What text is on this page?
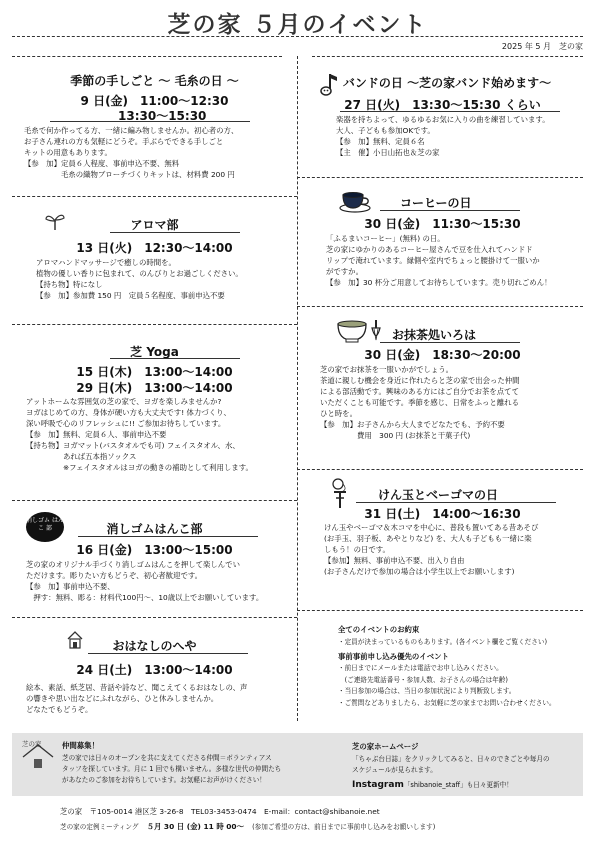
芝の家 ５月のイベント
2025 年 5 月　芝の家
季節の手しごと ～ 毛糸の日 ～
9 日(金)　11:00～12:30
13:30～15:30

毛糸で何か作ってる方、一緒に編み物しませんか。初心者の方、

お子さん連れの方も気軽にどうぞ。手ぶらでできる手しごと

キットの用意もあります。

【参　加】定員６人程度、事前申込不要、無料

　　　　　毛糸の織物ブローチづくりキットは、材料費 200 円

アロマ部
13 日(火)　12:30～14:00

アロマハンドマッサージで癒しの時間を。

植物の優しい香りに包まれて、のんびりとお過ごしください。

【持ち物】特になし

【参　加】参加費 150 円　定員５名程度、事前申込不要

芝 Yoga
15 日(木)　13:00～14:00
29 日(木)　13:00～14:00

アットホームな雰囲気の芝の家で、ヨガを楽しみませんか?

ヨガはじめての方、身体が硬い方も大丈夫です! 体力づくり、

深い呼吸で心のリフレッシュに!! ご参加お待ちしています。

【参　加】無料、定員６人、事前申込不要

【持ち物】ヨガマット(バスタオルでも可) フェイスタオル、水、

　　　　　あれば五本指ソックス

　　　　　※フェイスタオルはヨガの動きの補助として利用します。

消しゴム はんこ 部	消しゴムはんこ部
16 日(金)　13:00～15:00

芝の家のオリジナル手づくり消しゴムはんこを押して楽しんでい

ただけます。彫りたい方もどうぞ、初心者歓迎です。

【参　加】事前申込不要、

　押す：無料、彫る：材料代100円～、10歳以上でお願いしています。

おはなしのへや
24 日(土)　13:00～14:00

絵本、素話、紙芝居、昔話や詩など、聞こえてくるおはなしの、声

の響きや思い出などにふれながら、ひと休みしませんか。

どなたでもどうぞ。

バンドの日 ～芝の家バンド始めます～
27 日(火)　13:30～15:30 くらい

楽器を持ちよって、ゆるゆるお気に入りの曲を練習しています。

大人、子どもも参加OKです。

【参　加】無料、定員６名

【主　催】小日山拓也＆芝の家

コーヒーの日
30 日(金)　11:30～15:30

「ふるまいコーヒー」(無料) の日。

芝の家にゆかりのあるコーヒー屋さんで豆を仕入れてハンドド

リップで淹れています。縁側や室内でちょっと腰掛けて一服いか

がですか。

【参　加】30 杯分ご用意してお待ちしています。売り切れごめん！

お抹茶処いろは
30 日(金)　18:30～20:00

芝の家でお抹茶を一服いかがでしょう。

茶道に親しむ機会を身近に作れたらと芝の家で出会った仲間

による部活動です。興味のある方にはご自分でお茶を点てて

いただくことも可能です。季節を感じ、日常をふっと離れる

ひと時を。

【参　加】お子さんから大人までどなたでも、予約不要

　　　　　費用　300 円 (お抹茶と干菓子代)

けん玉とベーゴマの日
31 日(土)　14:00～16:30

けん玉やベーゴマ＆木コマを中心に、普段も置いてある昔あそび

(お手玉、羽子板、あやとりなど) を、大人も子どもも一緒に楽

しもう！の日です。

【参加】無料、事前申込不要、出入り自由

(お子さんだけで参加の場合は小学生以上でお願いします)

全てのイベントのお約束
・定員が決まっているものもあります。(各イベント欄をご覧ください)
事前事前申し込み優先のイベント

・前日までにメールまたは電話でお申し込みください。

　(ご連絡先電話番号・参加人数、お子さんの場合は年齢)

・当日参加の場合は、当日の参加状況により判断致します。

・ご質問などありましたら、お気軽に芝の家までお問い合わせください。

芝の家	仲間募集！

芝の家では日々のオープンを共に支えてくださる仲間＝ボランティアス

タッフを探しています。月に 1 回でも構いません。多様な世代の仲間たち

があなたのご参加をお待ちしています。お気軽にお声がけください！

芝の家ホームページ

「ちゃぶ台日誌」をクリックしてみると、日々のできごとや毎月の

スケジュールが見られます。

Instagram「shibanoie_staff」も日々更新中！
芝の家　〒105-0014 港区芝 3-26-8　TEL03-3453-0474　E-mail：contact@shibanoie.net
芝の家の定例ミーティング ５月 30 日 (金) 11 時 00～ (参加ご希望の方は、前日までに事前申し込みをお願いします)
